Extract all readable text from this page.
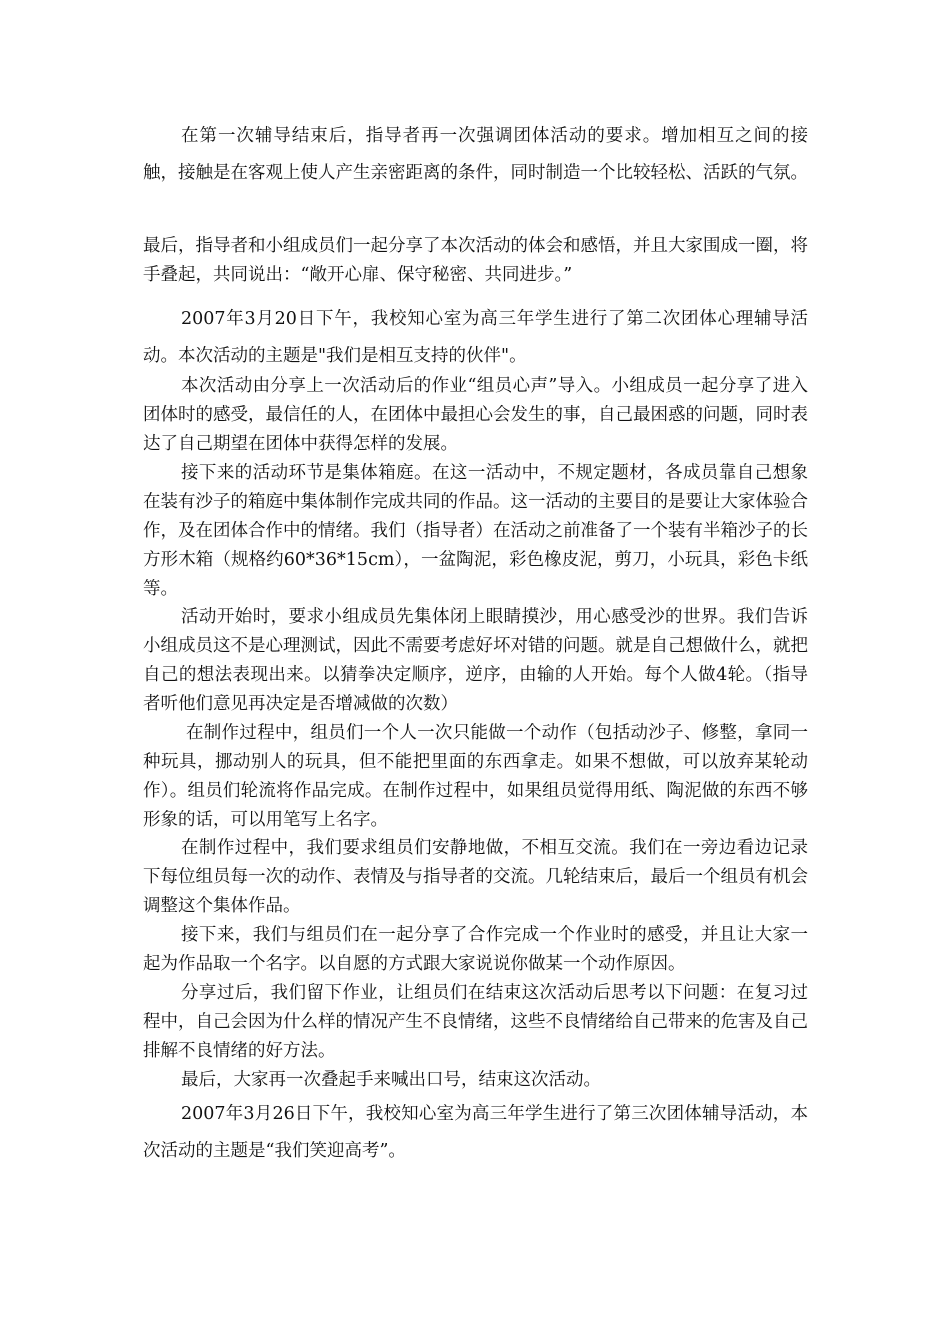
在第一次辅导结束后，指导者再一次强调团体活动的要求。增加相互之间的接触，接触是在客观上使人产生亲密距离的条件，同时制造一个比较轻松、活跃的气氛。

最后，指导者和小组成员们一起分享了本次活动的体会和感悟，并且大家围成一圈，将手叠起，共同说出：“敞开心扉、保守秘密、共同进步。”

2007年3月20日下午，我校知心室为高三年学生进行了第二次团体心理辅导活动。本次活动的主题是"我们是相互支持的伙伴"。

本次活动由分享上一次活动后的作业“组员心声”导入。小组成员一起分享了进入团体时的感受，最信任的人，在团体中最担心会发生的事，自己最困惑的问题，同时表达了自己期望在团体中获得怎样的发展。

接下来的活动环节是集体箱庭。在这一活动中，不规定题材，各成员靠自己想象在装有沙子的箱庭中集体制作完成共同的作品。这一活动的主要目的是要让大家体验合作，及在团体合作中的情绪。我们（指导者）在活动之前准备了一个装有半箱沙子的长方形木箱（规格约60*36*15cm），一盆陶泥，彩色橡皮泥，剪刀，小玩具，彩色卡纸等。

活动开始时，要求小组成员先集体闭上眼睛摸沙，用心感受沙的世界。我们告诉小组成员这不是心理测试，因此不需要考虑好坏对错的问题。就是自己想做什么，就把自己的想法表现出来。以猜拳决定顺序，逆序，由输的人开始。每个人做4轮。（指导者听他们意见再决定是否增减做的次数）

在制作过程中，组员们一个人一次只能做一个动作（包括动沙子、修整，拿同一种玩具，挪动别人的玩具，但不能把里面的东西拿走。如果不想做，可以放弃某轮动作）。组员们轮流将作品完成。在制作过程中，如果组员觉得用纸、陶泥做的东西不够形象的话，可以用笔写上名字。

在制作过程中，我们要求组员们安静地做，不相互交流。我们在一旁边看边记录下每位组员每一次的动作、表情及与指导者的交流。几轮结束后，最后一个组员有机会调整这个集体作品。

接下来，我们与组员们在一起分享了合作完成一个作业时的感受，并且让大家一起为作品取一个名字。以自愿的方式跟大家说说你做某一个动作原因。

分享过后，我们留下作业，让组员们在结束这次活动后思考以下问题：在复习过程中，自己会因为什么样的情况产生不良情绪，这些不良情绪给自己带来的危害及自己排解不良情绪的好方法。

最后，大家再一次叠起手来喊出口号，结束这次活动。

2007年3月26日下午，我校知心室为高三年学生进行了第三次团体辅导活动，本次活动的主题是“我们笑迎高考”。
